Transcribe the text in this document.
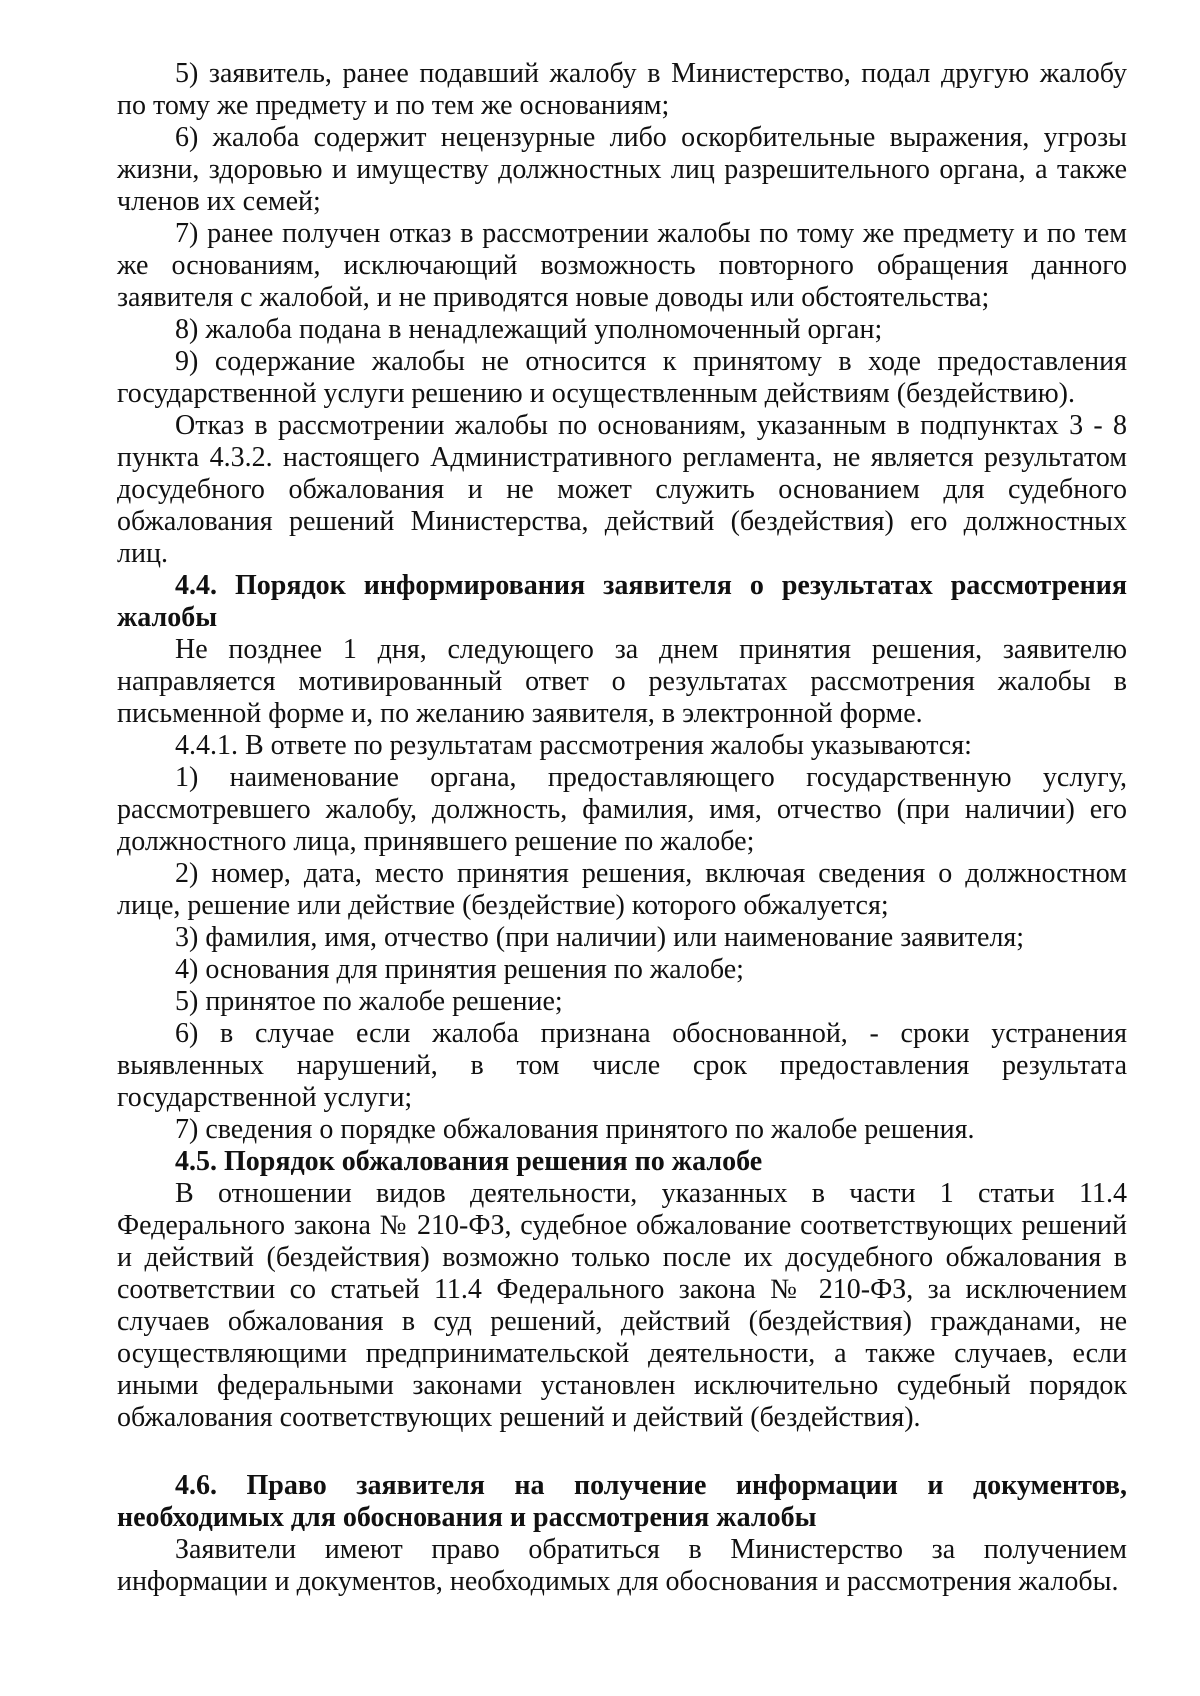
5) заявитель, ранее подавший жалобу в Министерство, подал другую жалобу по тому же предмету и по тем же основаниям;

6) жалоба содержит нецензурные либо оскорбительные выражения, угрозы жизни, здоровью и имуществу должностных лиц разрешительного органа, а также членов их семей;

7) ранее получен отказ в рассмотрении жалобы по тому же предмету и по тем же основаниям, исключающий возможность повторного обращения данного заявителя с жалобой, и не приводятся новые доводы или обстоятельства;

8) жалоба подана в ненадлежащий уполномоченный орган;

9) содержание жалобы не относится к принятому в ходе предоставления государственной услуги решению и осуществленным действиям (бездействию).

Отказ в рассмотрении жалобы по основаниям, указанным в подпунктах 3 - 8 пункта 4.3.2. настоящего Административного регламента, не является результатом досудебного обжалования и не может служить основанием для судебного обжалования решений Министерства, действий (бездействия) его должностных лиц.

4.4. Порядок информирования заявителя о результатах рассмотрения жалобы

Не позднее 1 дня, следующего за днем принятия решения, заявителю направляется мотивированный ответ о результатах рассмотрения жалобы в письменной форме и, по желанию заявителя, в электронной форме.

4.4.1. В ответе по результатам рассмотрения жалобы указываются:

1) наименование органа, предоставляющего государственную услугу, рассмотревшего жалобу, должность, фамилия, имя, отчество (при наличии) его должностного лица, принявшего решение по жалобе;

2) номер, дата, место принятия решения, включая сведения о должностном лице, решение или действие (бездействие) которого обжалуется;

3) фамилия, имя, отчество (при наличии) или наименование заявителя;

4) основания для принятия решения по жалобе;

5) принятое по жалобе решение;

6) в случае если жалоба признана обоснованной, - сроки устранения выявленных нарушений, в том числе срок предоставления результата государственной услуги;

7) сведения о порядке обжалования принятого по жалобе решения.

4.5. Порядок обжалования решения по жалобе

В отношении видов деятельности, указанных в части 1 статьи 11.4 Федерального закона № 210-ФЗ, судебное обжалование соответствующих решений и действий (бездействия) возможно только после их досудебного обжалования в соответствии со статьей 11.4 Федерального закона № 210-ФЗ, за исключением случаев обжалования в суд решений, действий (бездействия) гражданами, не осуществляющими предпринимательской деятельности, а также случаев, если иными федеральными законами установлен исключительно судебный порядок обжалования соответствующих решений и действий (бездействия).

4.6. Право заявителя на получение информации и документов, необходимых для обоснования и рассмотрения жалобы

Заявители имеют право обратиться в Министерство за получением информации и документов, необходимых для обоснования и рассмотрения жалобы.
